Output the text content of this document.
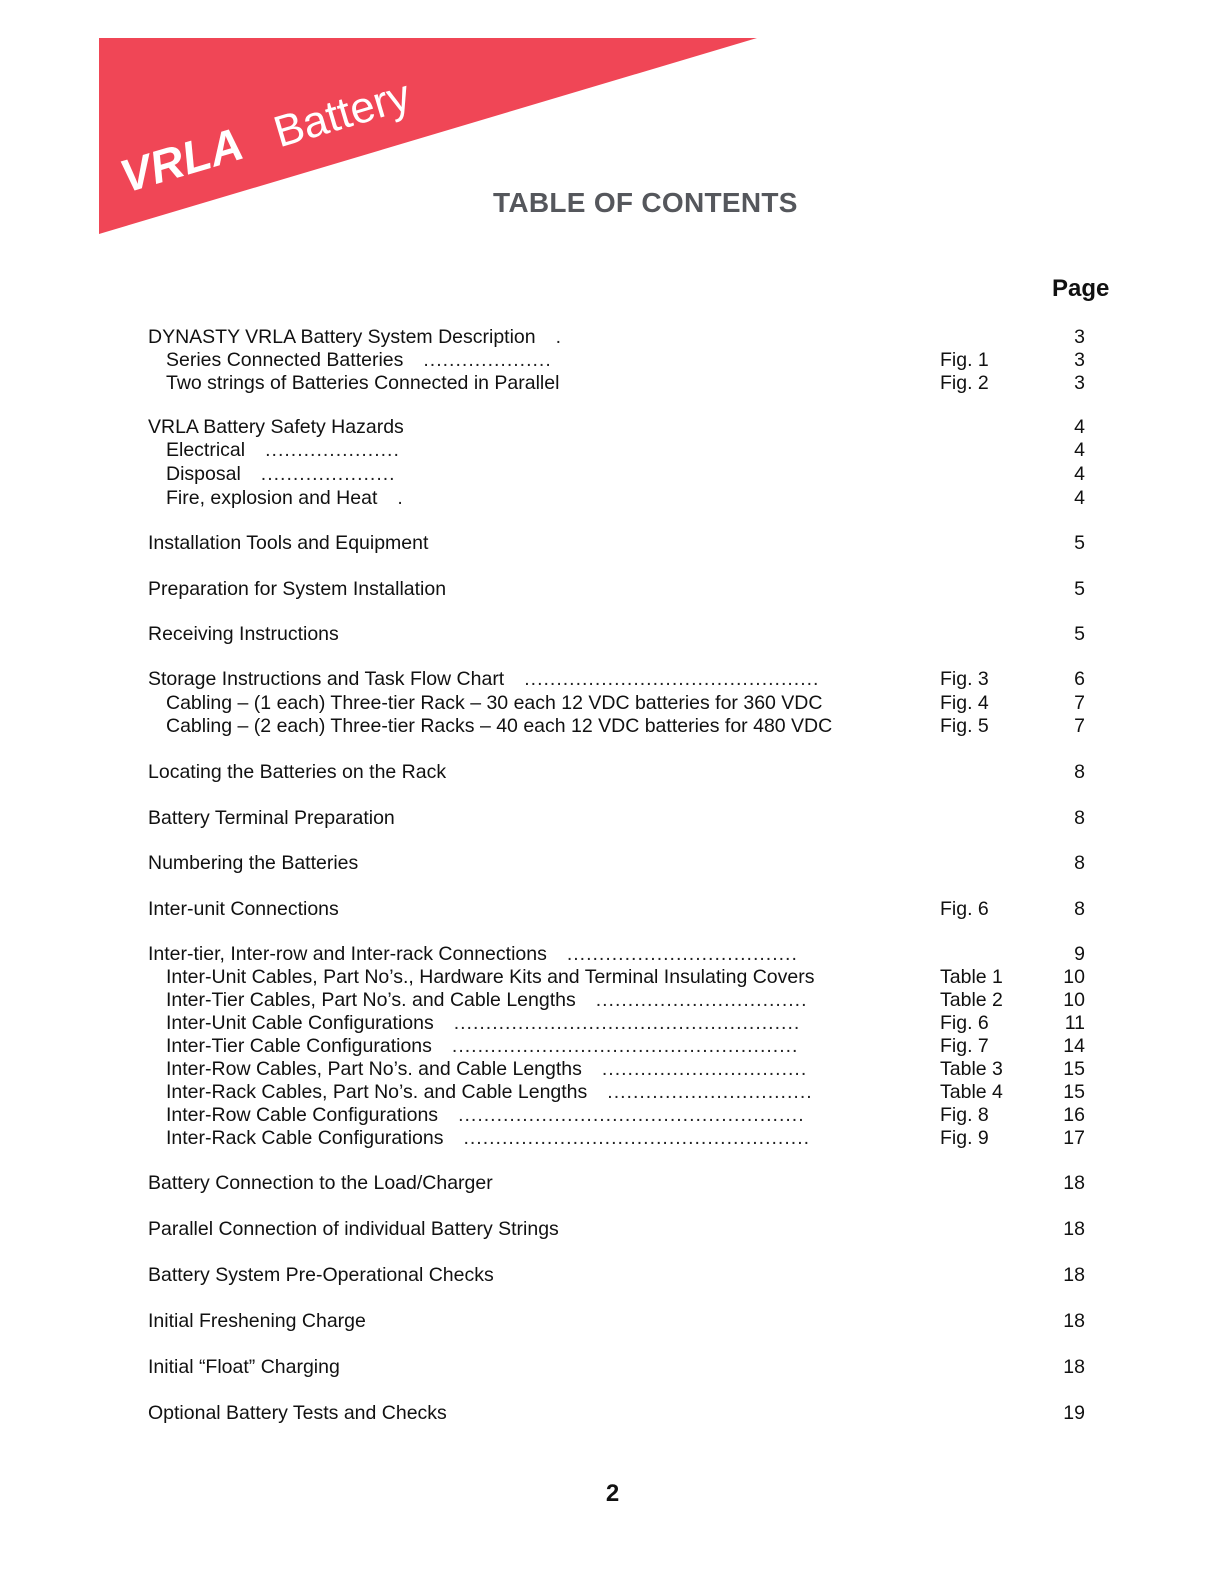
VRLA
Battery
TABLE OF CONTENTS
Page
DYNASTY VRLA Battery System Description .	3
Series Connected Batteries ....................	Fig. 1	3
Two strings of Batteries Connected in Parallel	Fig. 2	3
VRLA Battery Safety Hazards	4
Electrical .....................	4
Disposal .....................	4
Fire, explosion and Heat .	4
Installation Tools and Equipment	5
Preparation for System Installation	5
Receiving Instructions	5
Storage Instructions and Task Flow Chart ..............................................	Fig. 3	6
Cabling – (1 each) Three-tier Rack – 30 each 12 VDC batteries for 360 VDC	Fig. 4	7
Cabling – (2 each) Three-tier Racks – 40 each 12 VDC batteries for 480 VDC	Fig. 5	7
Locating the Batteries on the Rack	8
Battery Terminal Preparation	8
Numbering the Batteries	8
Inter-unit Connections	Fig. 6	8
Inter-tier, Inter-row and Inter-rack Connections ....................................	9
Inter-Unit Cables, Part No’s., Hardware Kits and Terminal Insulating Covers	Table 1	10
Inter-Tier Cables, Part No’s. and Cable Lengths .................................	Table 2	10
Inter-Unit Cable Configurations ......................................................	Fig. 6	11
Inter-Tier Cable Configurations ......................................................	Fig. 7	14
Inter-Row Cables, Part No’s. and Cable Lengths ................................	Table 3	15
Inter-Rack Cables, Part No’s. and Cable Lengths ................................	Table 4	15
Inter-Row Cable Configurations ......................................................	Fig. 8	16
Inter-Rack Cable Configurations ......................................................	Fig. 9	17
Battery Connection to the Load/Charger	18
Parallel Connection of individual Battery Strings	18
Battery System Pre-Operational Checks	18
Initial Freshening Charge	18
Initial “Float” Charging	18
Optional Battery Tests and Checks	19
2
